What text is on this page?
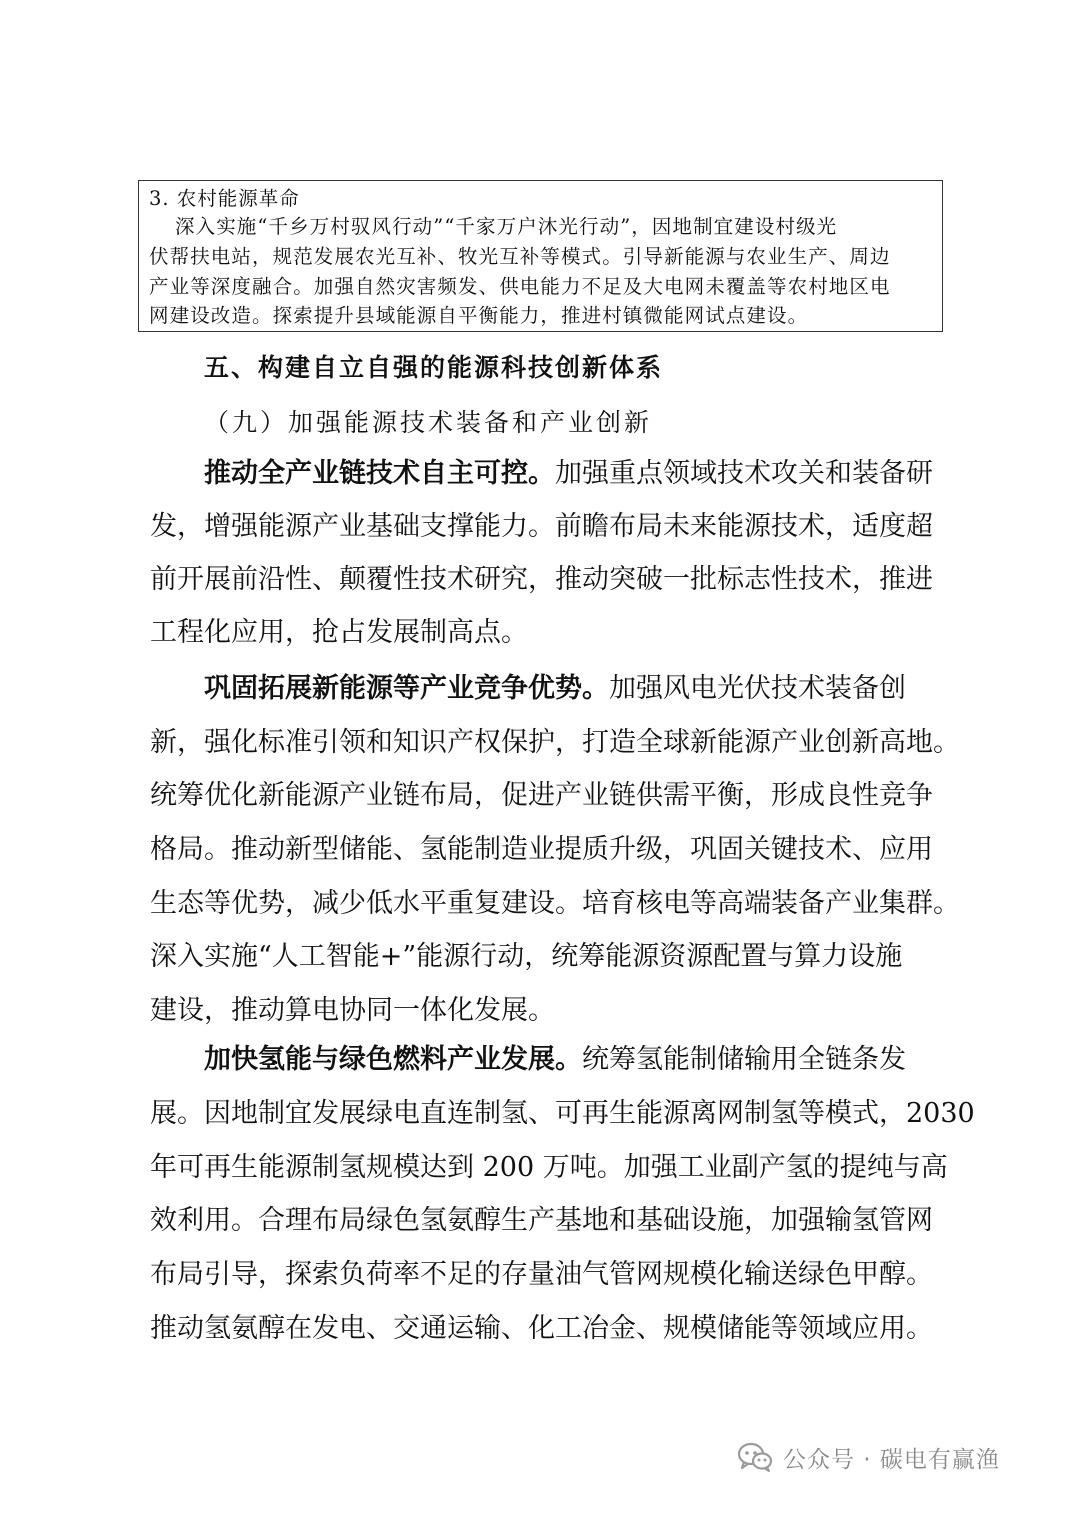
3. 农村能源革命
深入实施“千乡万村驭风行动”“千家万户沐光行动”，因地制宜建设村级光
伏帮扶电站，规范发展农光互补、牧光互补等模式。引导新能源与农业生产、周边
产业等深度融合。加强自然灾害频发、供电能力不足及大电网未覆盖等农村地区电
网建设改造。探索提升县域能源自平衡能力，推进村镇微能网试点建设。
五、构建自立自强的能源科技创新体系
（九）加强能源技术装备和产业创新
推动全产业链技术自主可控。加强重点领域技术攻关和装备研
发，增强能源产业基础支撑能力。前瞻布局未来能源技术，适度超
前开展前沿性、颠覆性技术研究，推动突破一批标志性技术，推进
工程化应用，抢占发展制高点。
巩固拓展新能源等产业竞争优势。加强风电光伏技术装备创
新，强化标准引领和知识产权保护，打造全球新能源产业创新高地。
统筹优化新能源产业链布局，促进产业链供需平衡，形成良性竞争
格局。推动新型储能、氢能制造业提质升级，巩固关键技术、应用
生态等优势，减少低水平重复建设。培育核电等高端装备产业集群。
深入实施“人工智能+”能源行动，统筹能源资源配置与算力设施
建设，推动算电协同一体化发展。
加快氢能与绿色燃料产业发展。统筹氢能制储输用全链条发
展。因地制宜发展绿电直连制氢、可再生能源离网制氢等模式，2030
年可再生能源制氢规模达到 200 万吨。加强工业副产氢的提纯与高
效利用。合理布局绿色氢氨醇生产基地和基础设施，加强输氢管网
布局引导，探索负荷率不足的存量油气管网规模化输送绿色甲醇。
推动氢氨醇在发电、交通运输、化工冶金、规模储能等领域应用。
公众号 · 碳电有赢渔
